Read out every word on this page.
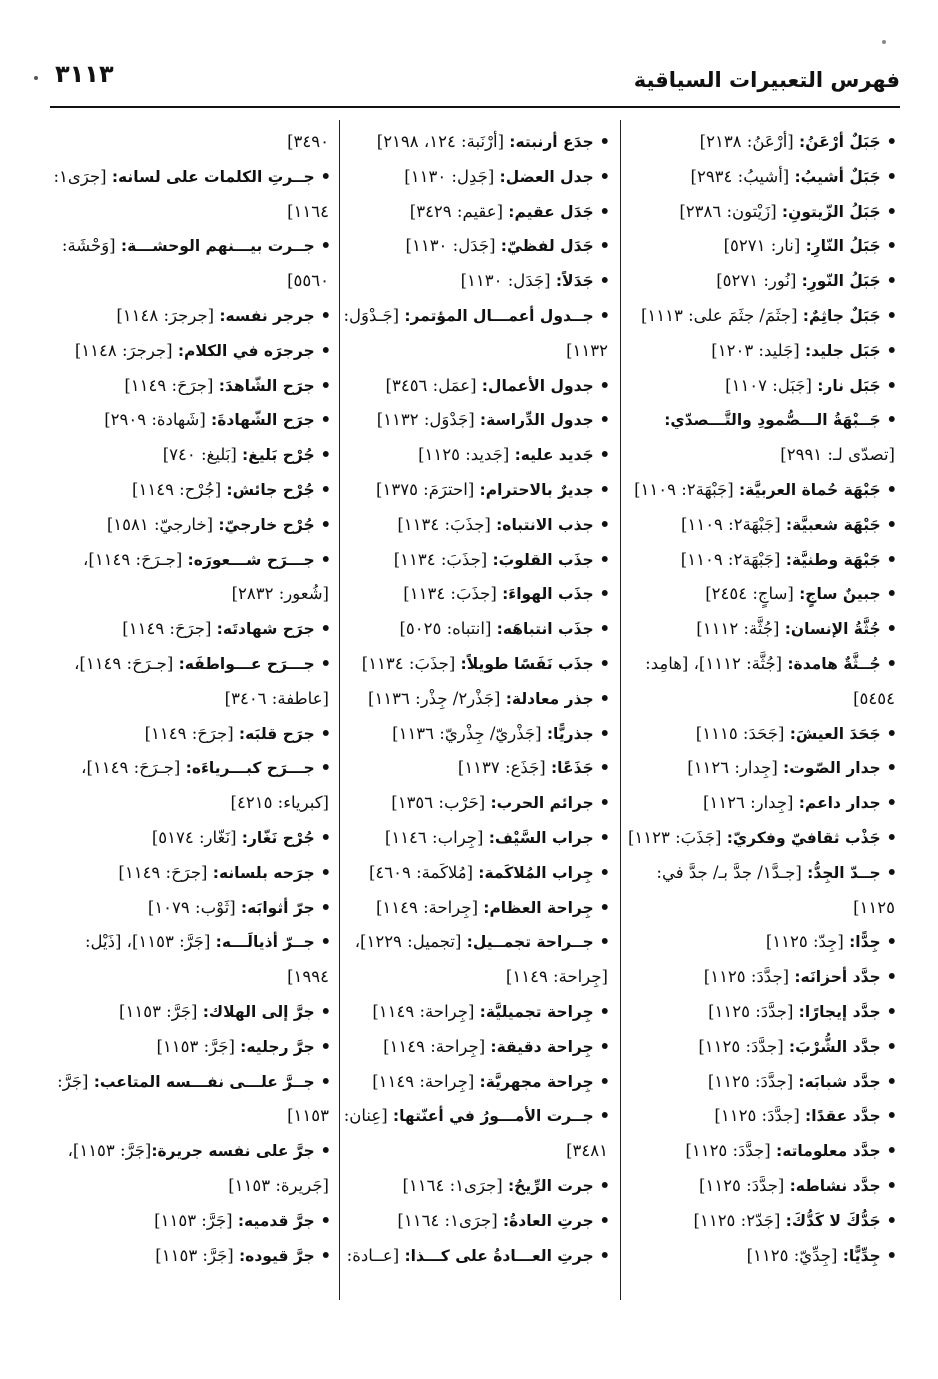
فهرس التعبيرات السياقية
٣١١٣
• جَبَلٌ أرْعَنُ: [أرْعَنُ: ٢١٣٨]
• جَبَلٌ أشيبُ: [أشيبُ: ٢٩٣٤]
• جَبَلُ الزّيتونِ: [زَيْتون: ٢٣٨٦]
• جَبَلُ النّارِ: [نار: ٥٢٧١]
• جَبَلُ النّورِ: [نُور: ٥٢٧١]
• جَبَلٌ جاثِمٌ: [جثَمَ/ جثَمَ على: ١١١٣]
• جَبَل جليد: [جَليد: ١٢٠٣]
• جَبَل نار: [جَبَل: ١١٠٧]
• جَــبْهَةُ الـــصُّمودِ والتَّـــصدّي:
[تصدّى لـ: ٢٩٩١]
• جَبْهَة حُماة العربيَّة: [جَبْهَة٢: ١١٠٩]
• جَبْهَة شعبيَّة: [جَبْهَة٢: ١١٠٩]
• جَبْهَة وطنيَّة: [جَبْهَة٢: ١١٠٩]
• جبينٌ ساجٍ: [ساجٍ: ٢٤٥٤]
• جُثَّةُ الإنسان: [جُثَّة: ١١١٢]
• جُــثَّةٌ هامدة: [جُثَّة: ١١١٢]، [هامِد:
٥٤٥٤]
• جَحَدَ العيشَ: [جَحَدَ: ١١١٥]
• جدار الصّوت: [جِدار: ١١٢٦]
• جدار داعم: [جِدار: ١١٢٦]
• جَذْب ثقافيّ وفكريّ: [جَذَبَ: ١١٢٣]
• جــدّ الجِدُّ: [جـدَّ١/ جدَّ بـ/ جدَّ في:
١١٢٥]
• جِدًّا: [جِدّ: ١١٢٥]
• جدَّد أحزانَه: [جدَّدَ: ١١٢٥]
• جدَّد إيجارًا: [جدَّدَ: ١١٢٥]
• جدَّد الشُّرْبَ: [جدَّدَ: ١١٢٥]
• جدَّد شبابَه: [جدَّدَ: ١١٢٥]
• جدَّد عقدًا: [جدَّدَ: ١١٢٥]
• جدَّد معلوماته: [جدَّدَ: ١١٢٥]
• جدَّد نشاطه: [جدَّدَ: ١١٢٥]
• جَدُّكَ لا كَدُّكَ: [جَدّ٢: ١١٢٥]
• جِدِّيًّا: [جِدِّيّ: ١١٢٥]
• جدَع أرنبته: [أرْنَبة: ١٢٤، ٢١٩٨]
• جدل العضل: [جَدِل: ١١٣٠]
• جَدَل عقيم: [عقيم: ٣٤٢٩]
• جَدَل لفظيّ: [جَدَل: ١١٣٠]
• جَدَلاً: [جَدَل: ١١٣٠]
• جــدول أعمـــال المؤتمر: [جَـدْوَل:
١١٣٢]
• جدول الأعمال: [عمَل: ٣٤٥٦]
• جدول الدِّراسة: [جَدْوَل: ١١٣٢]
• جَديد عليه: [جَديد: ١١٢٥]
• جديرٌ بالاحترام: [احترَمَ: ١٣٧٥]
• جذب الانتباه: [جذَبَ: ١١٣٤]
• جذَب القلوبَ: [جذَبَ: ١١٣٤]
• جذَب الهواءَ: [جذَبَ: ١١٣٤]
• جذَب انتباهَه: [انتباه: ٥٠٢٥]
• جذَب نَفَسًا طويلاً: [جذَبَ: ١١٣٤]
• جذر معادلة: [جَذْر٢/ جِذْر: ١١٣٦]
• جذريًّا: [جَذْريّ/ جِذْريّ: ١١٣٦]
• جَذَعًا: [جَذَع: ١١٣٧]
• جرائم الحرب: [حَرْب: ١٣٥٦]
• جراب السَّيْف: [جِراب: ١١٤٦]
• جِراب المُلاكَمة: [مُلاكَمة: ٤٦٠٩]
• جِراحة العظام: [جِراحة: ١١٤٩]
• جــراحة تجمــيل: [تجميل: ١٢٢٩]،
[جِراحة: ١١٤٩]
• جِراحة تجميليَّة: [جِراحة: ١١٤٩]
• جِراحة دقيقة: [جِراحة: ١١٤٩]
• جِراحة مجهريَّة: [جِراحة: ١١٤٩]
• جــرت الأمـــورُ في أعنّتها: [عِنان:
٣٤٨١]
• جرت الرِّيحُ: [جرَى١: ١١٦٤]
• جرتِ العادةُ: [جرَى١: ١١٦٤]
• جرتِ العـــادةُ على كـــذا: [عــادة:
٣٤٩٠]
• جــرتِ الكلمات على لسانه: [جرَى١:
١١٦٤]
• جــرت بيـــنهم الوحشـــة: [وَحْشَة:
٥٥٦٠]
• جرجر نفسه: [جرجرَ: ١١٤٨]
• جرجرَه في الكلام: [جرجرَ: ١١٤٨]
• جرَح الشّاهدَ: [جرَحَ: ١١٤٩]
• جرَح الشّهادةَ: [شَهادة: ٢٩٠٩]
• جُرْح بَليغ: [بَليغ: ٧٤٠]
• جُرْح جائش: [جُرْح: ١١٤٩]
• جُرْح خارجيّ: [خارجيّ: ١٥٨١]
• جـــرَح شـــعورَه: [جـرَحَ: ١١٤٩]،
[شُعور: ٢٨٣٢]
• جرَح شهادتَه: [جرَحَ: ١١٤٩]
• جـــرَح عـــواطفَه: [جـرَحَ: ١١٤٩]،
[عاطفة: ٣٤٠٦]
• جرَح قلبَه: [جرَحَ: ١١٤٩]
• جـــرَح كبـــرياءَه: [جـرَحَ: ١١٤٩]،
[كبرياء: ٤٢١٥]
• جُرْح نَغّار: [نَغّار: ٥١٧٤]
• جرَحه بلسانه: [جرَحَ: ١١٤٩]
• جرّ أثوابَه: [ثَوْب: ١٠٧٩]
• جــرّ أذيالَـــه: [جَرَّ: ١١٥٣]، [ذَيْل:
١٩٩٤]
• جرَّ إلى الهلاك: [جَرَّ: ١١٥٣]
• جرَّ رجليه: [جَرَّ: ١١٥٣]
• جــرَّ علـــى نفـــسه المتاعب: [جَرَّ:
١١٥٣]
• جرَّ على نفسه جريرة:[جَرَّ: ١١٥٣]،
[جَريرة: ١١٥٣]
• جرَّ قدميه: [جَرَّ: ١١٥٣]
• جرَّ قيوده: [جَرَّ: ١١٥٣]
